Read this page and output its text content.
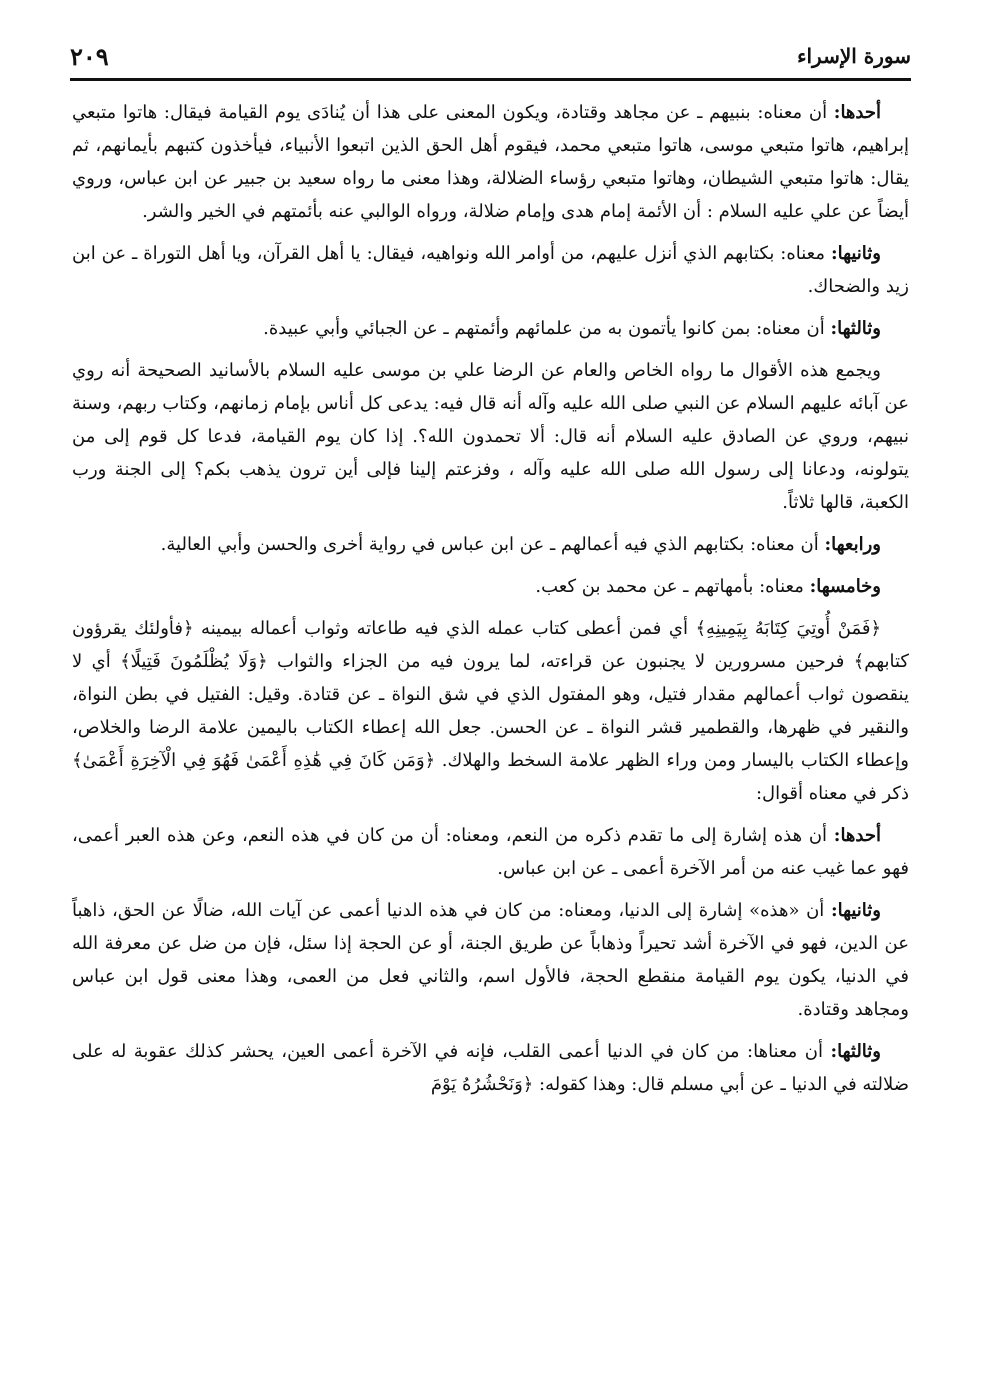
سورة الإسراء
٢٠٩

أحدها: أن معناه: بنبيهم ـ عن مجاهد وقتادة، ويكون المعنى على هذا أن يُنادَى يوم القيامة فيقال: هاتوا متبعي إبراهيم، هاتوا متبعي موسى، هاتوا متبعي محمد، فيقوم أهل الحق الذين اتبعوا الأنبياء، فيأخذون كتبهم بأيمانهم، ثم يقال: هاتوا متبعي الشيطان، وهاتوا متبعي رؤساء الضلالة، وهذا معنى ما رواه سعيد بن جبير عن ابن عباس، وروي أيضاً عن علي عليه السلام : أن الأئمة إمام هدى وإمام ضلالة، ورواه الوالبي عنه بأئمتهم في الخير والشر.

وثانيها: معناه: بكتابهم الذي أنزل عليهم، من أوامر الله ونواهيه، فيقال: يا أهل القرآن، ويا أهل التوراة ـ عن ابن زيد والضحاك.

وثالثها: أن معناه: بمن كانوا يأتمون به من علمائهم وأئمتهم ـ عن الجبائي وأبي عبيدة.

ويجمع هذه الأقوال ما رواه الخاص والعام عن الرضا علي بن موسى عليه السلام بالأسانيد الصحيحة أنه روي عن آبائه عليهم السلام عن النبي صلى الله عليه وآله أنه قال فيه: يدعى كل أناس بإمام زمانهم، وكتاب ربهم، وسنة نبيهم، وروي عن الصادق عليه السلام أنه قال: ألا تحمدون الله؟. إذا كان يوم القيامة، فدعا كل قوم إلى من يتولونه، ودعانا إلى رسول الله صلى الله عليه وآله ، وفزعتم إلينا فإلى أين ترون يذهب بكم؟ إلى الجنة ورب الكعبة، قالها ثلاثاً.

ورابعها: أن معناه: بكتابهم الذي فيه أعمالهم ـ عن ابن عباس في رواية أخرى والحسن وأبي العالية.

وخامسها: معناه: بأمهاتهم ـ عن محمد بن كعب.

﴿فَمَنْ أُوتِيَ كِتَابَهُ بِيَمِينِهِ﴾ أي فمن أعطى كتاب عمله الذي فيه طاعاته وثواب أعماله بيمينه ﴿فأولئك يقرؤون كتابهم﴾ فرحين مسرورين لا يجنبون عن قراءته، لما يرون فيه من الجزاء والثواب ﴿وَلَا يُظْلَمُونَ فَتِيلًا﴾ أي لا ينقصون ثواب أعمالهم مقدار فتيل، وهو المفتول الذي في شق النواة ـ عن قتادة. وقيل: الفتيل في بطن النواة، والنقير في ظهرها، والقطمير قشر النواة ـ عن الحسن. جعل الله إعطاء الكتاب باليمين علامة الرضا والخلاص، وإعطاء الكتاب باليسار ومن وراء الظهر علامة السخط والهلاك. ﴿وَمَن كَانَ فِي هَٰذِهِ أَعْمَىٰ فَهُوَ فِي الْآخِرَةِ أَعْمَىٰ﴾ ذكر في معناه أقوال:

أحدها: أن هذه إشارة إلى ما تقدم ذكره من النعم، ومعناه: أن من كان في هذه النعم، وعن هذه العبر أعمى، فهو عما غيب عنه من أمر الآخرة أعمى ـ عن ابن عباس.

وثانيها: أن «هذه» إشارة إلى الدنيا، ومعناه: من كان في هذه الدنيا أعمى عن آيات الله، ضالًا عن الحق، ذاهباً عن الدين، فهو في الآخرة أشد تحيراً وذهاباً عن طريق الجنة، أو عن الحجة إذا سئل، فإن من ضل عن معرفة الله في الدنيا، يكون يوم القيامة منقطع الحجة، فالأول اسم، والثاني فعل من العمى، وهذا معنى قول ابن عباس ومجاهد وقتادة.

وثالثها: أن معناها: من كان في الدنيا أعمى القلب، فإنه في الآخرة أعمى العين، يحشر كذلك عقوبة له على ضلالته في الدنيا ـ عن أبي مسلم قال: وهذا كقوله: ﴿وَنَحْشُرُهُ يَوْمَ
